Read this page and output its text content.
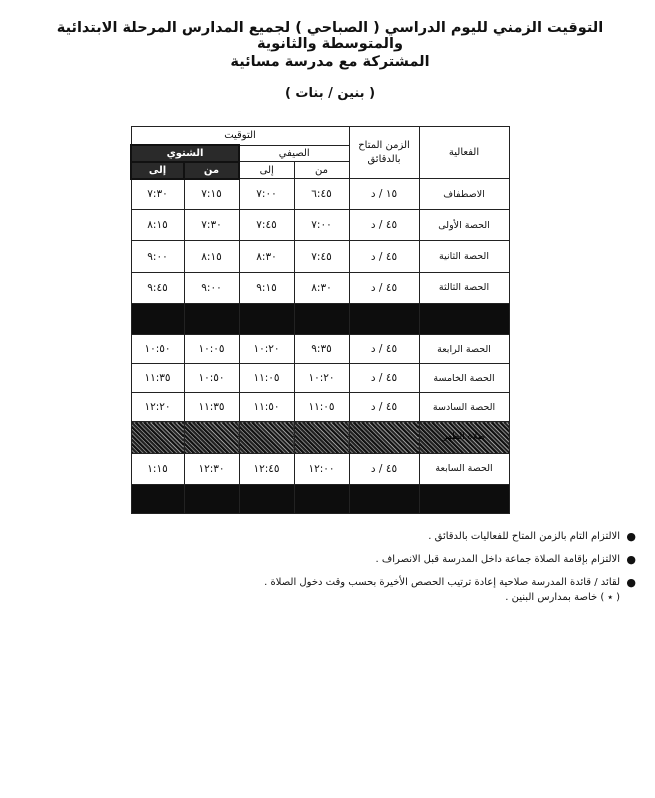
التوقيت الزمني لليوم الدراسي ( الصباحي ) لجميع المدارس المرحلة الابتدائية والمتوسطة والثانوية
المشتركة مع مدرسة مسائية
( بنين / بنات )
الفعالية	الزمن المتاح بالدقائق	التوقيت			
		الصيفي		الشتوي	
		من	إلى	من	إلى
الاصطفاف	١٥ / د	٦:٤٥	٧:٠٠	٧:١٥	٧:٣٠
الحصة الأولى	٤٥ / د	٧:٠٠	٧:٤٥	٧:٣٠	٨:١٥
الحصة الثانية	٤٥ / د	٧:٤٥	٨:٣٠	٨:١٥	٩:٠٠
الحصة الثالثة	٤٥ / د	٨:٣٠	٩:١٥	٩:٠٠	٩:٤٥

الحصة الرابعة	٤٥ / د	٩:٣٥	١٠:٢٠	١٠:٠٥	١٠:٥٠
الحصة الخامسة	٤٥ / د	١٠:٢٠	١١:٠٥	١٠:٥٠	١١:٣٥
الحصة السادسة	٤٥ / د	١١:٠٥	١١:٥٠	١١:٣٥	١٢:٢٠
صلاة الظهر					
الحصة السابعة	٤٥ / د	١٢:٠٠	١٢:٤٥	١٢:٣٠	١:١٥

●
الالتزام التام بالزمن المتاح للفعاليات بالدقائق .
●
الالتزام بإقامة الصلاة جماعة داخل المدرسة قبل الانصراف .
●
لقائد / قائدة المدرسة صلاحية إعادة ترتيب الحصص الأخيرة بحسب وقت دخول الصلاة .
( ٭ ) خاصة بمدارس البنين .
